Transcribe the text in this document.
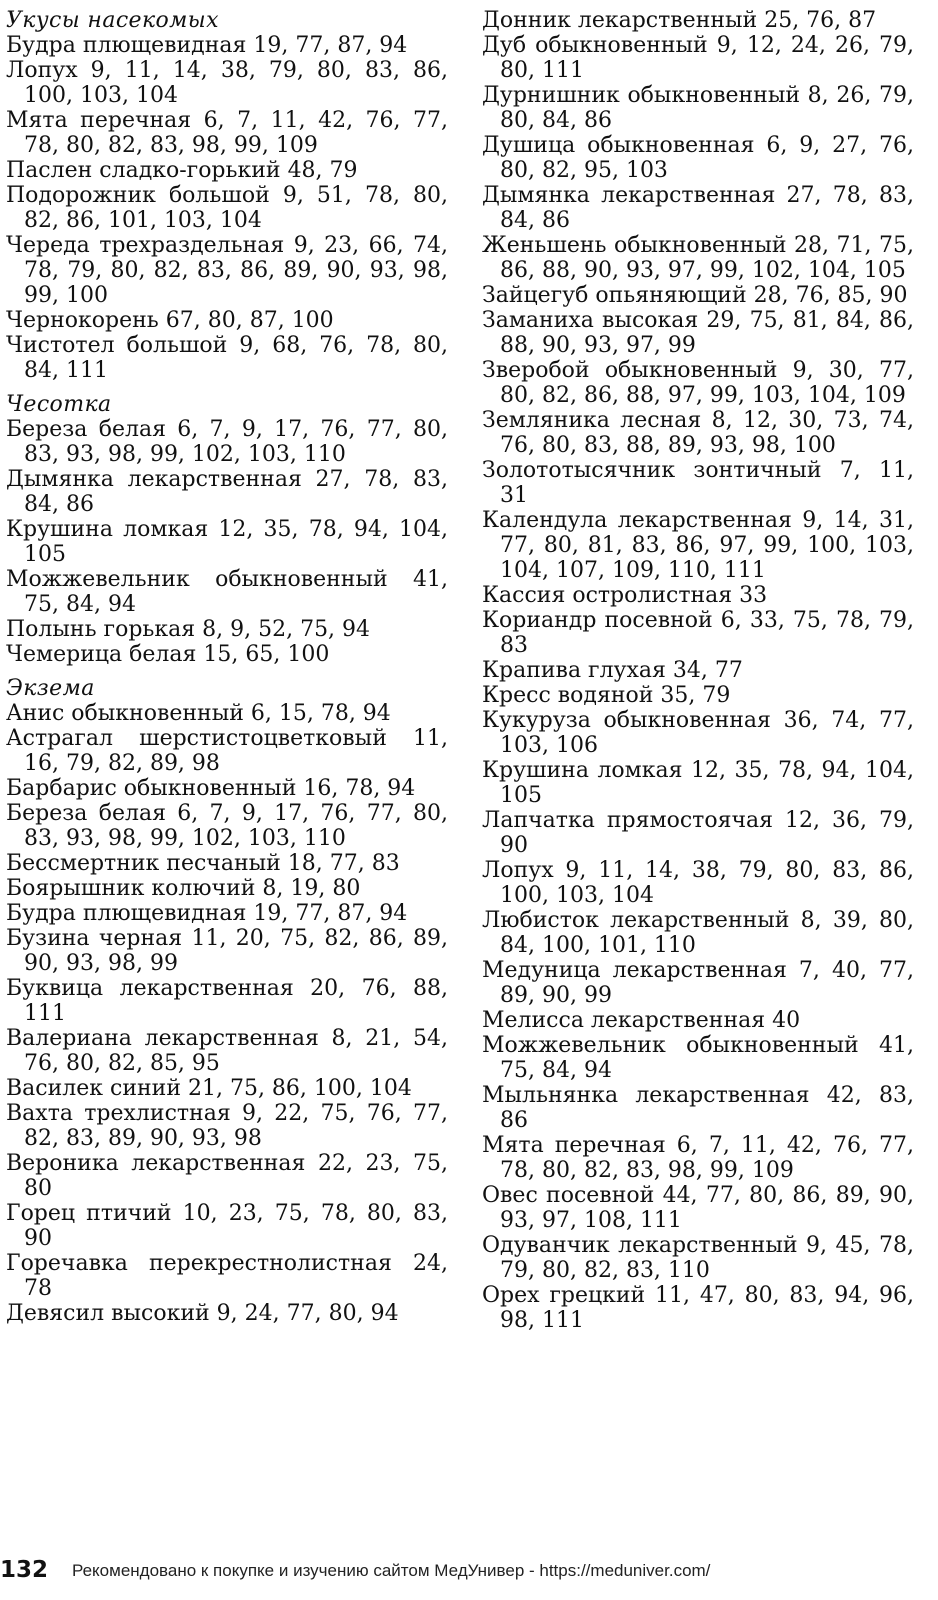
Укусы насекомых
Будра плющевидная 19, 77, 87, 94
Лопух 9, 11, 14, 38, 79, 80, 83, 86, 100, 103, 104
Мята перечная 6, 7, 11, 42, 76, 77, 78, 80, 82, 83, 98, 99, 109
Паслен сладко-горький 48, 79
Подорожник большой 9, 51, 78, 80, 82, 86, 101, 103, 104
Череда трехраздельная 9, 23, 66, 74, 78, 79, 80, 82, 83, 86, 89, 90, 93, 98, 99, 100
Чернокорень 67, 80, 87, 100
Чистотел большой 9, 68, 76, 78, 80, 84, 111
Чесотка
Береза белая 6, 7, 9, 17, 76, 77, 80, 83, 93, 98, 99, 102, 103, 110
Дымянка лекарственная 27, 78, 83, 84, 86
Крушина ломкая 12, 35, 78, 94, 104, 105
Можжевельник обыкновенный 41, 75, 84, 94
Полынь горькая 8, 9, 52, 75, 94
Чемерица белая 15, 65, 100
Экзема
Анис обыкновенный 6, 15, 78, 94
Астрагал шерстистоцветковый 11, 16, 79, 82, 89, 98
Барбарис обыкновенный 16, 78, 94
Береза белая 6, 7, 9, 17, 76, 77, 80, 83, 93, 98, 99, 102, 103, 110
Бессмертник песчаный 18, 77, 83
Боярышник колючий 8, 19, 80
Будра плющевидная 19, 77, 87, 94
Бузина черная 11, 20, 75, 82, 86, 89, 90, 93, 98, 99
Буквица лекарственная 20, 76, 88, 111
Валериана лекарственная 8, 21, 54, 76, 80, 82, 85, 95
Василек синий 21, 75, 86, 100, 104
Вахта трехлистная 9, 22, 75, 76, 77, 82, 83, 89, 90, 93, 98
Вероника лекарственная 22, 23, 75, 80
Горец птичий 10, 23, 75, 78, 80, 83, 90
Горечавка перекрестнолистная 24, 78
Девясил высокий 9, 24, 77, 80, 94
Донник лекарственный 25, 76, 87
Дуб обыкновенный 9, 12, 24, 26, 79, 80, 111
Дурнишник обыкновенный 8, 26, 79, 80, 84, 86
Душица обыкновенная 6, 9, 27, 76, 80, 82, 95, 103
Дымянка лекарственная 27, 78, 83, 84, 86
Женьшень обыкновенный 28, 71, 75, 86, 88, 90, 93, 97, 99, 102, 104, 105
Зайцегуб опьяняющий 28, 76, 85, 90
Заманиха высокая 29, 75, 81, 84, 86, 88, 90, 93, 97, 99
Зверобой обыкновенный 9, 30, 77, 80, 82, 86, 88, 97, 99, 103, 104, 109
Земляника лесная 8, 12, 30, 73, 74, 76, 80, 83, 88, 89, 93, 98, 100
Золототысячник зонтичный 7, 11, 31
Календула лекарственная 9, 14, 31, 77, 80, 81, 83, 86, 97, 99, 100, 103, 104, 107, 109, 110, 111
Кассия остролистная 33
Кориандр посевной 6, 33, 75, 78, 79, 83
Крапива глухая 34, 77
Кресс водяной 35, 79
Кукуруза обыкновенная 36, 74, 77, 103, 106
Крушина ломкая 12, 35, 78, 94, 104, 105
Лапчатка прямостоячая 12, 36, 79, 90
Лопух 9, 11, 14, 38, 79, 80, 83, 86, 100, 103, 104
Любисток лекарственный 8, 39, 80, 84, 100, 101, 110
Медуница лекарственная 7, 40, 77, 89, 90, 99
Мелисса лекарственная 40
Можжевельник обыкновенный 41, 75, 84, 94
Мыльнянка лекарственная 42, 83, 86
Мята перечная 6, 7, 11, 42, 76, 77, 78, 80, 82, 83, 98, 99, 109
Овес посевной 44, 77, 80, 86, 89, 90, 93, 97, 108, 111
Одуванчик лекарственный 9, 45, 78, 79, 80, 82, 83, 110
Орех грецкий 11, 47, 80, 83, 94, 96, 98, 111
132 Рекомендовано к покупке и изучению сайтом МедУнивер - https://meduniver.com/
